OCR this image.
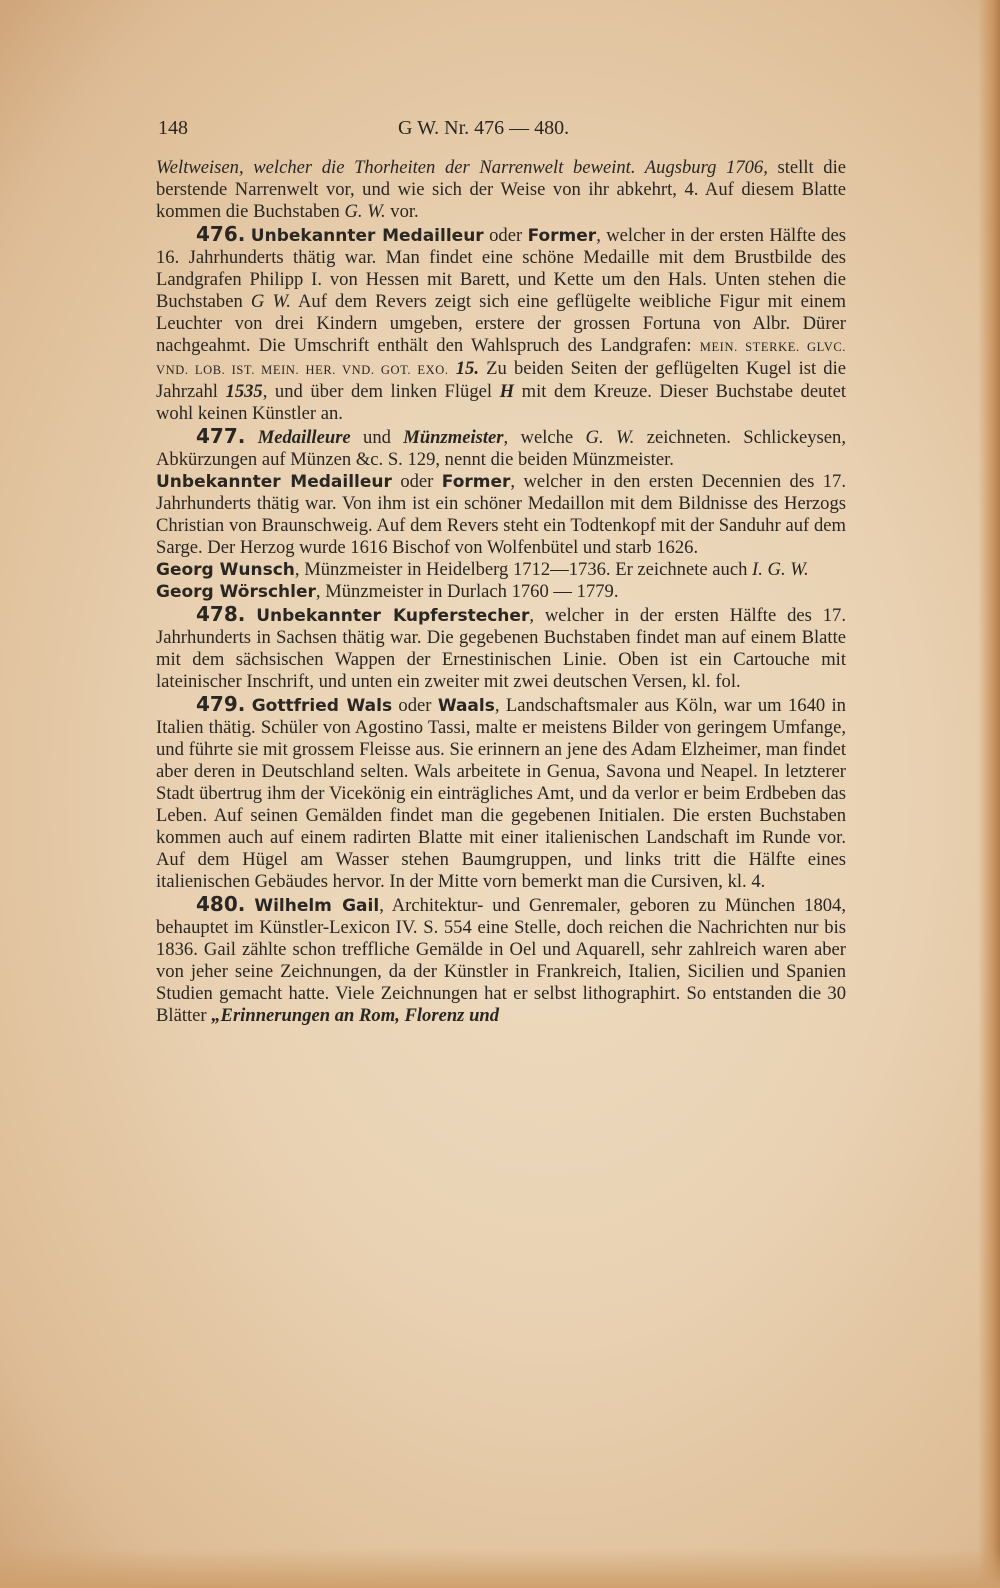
148	G W. Nr. 476 — 480.

Weltweisen, welcher die Thorheiten der Narrenwelt beweint. Augsburg 1706, stellt die berstende Narrenwelt vor, und wie sich der Weise von ihr abkehrt, 4. Auf diesem Blatte kommen die Buchstaben G. W. vor.

476. Unbekannter Medailleur oder Former, welcher in der ersten Hälfte des 16. Jahrhunderts thätig war. Man findet eine schöne Medaille mit dem Brustbilde des Landgrafen Philipp I. von Hessen mit Barett, und Kette um den Hals. Unten stehen die Buchstaben G W. Auf dem Revers zeigt sich eine geflügelte weibliche Figur mit einem Leuchter von drei Kindern umgeben, erstere der grossen Fortuna von Albr. Dürer nachgeahmt. Die Umschrift enthält den Wahlspruch des Landgrafen: MEIN. STERKE. GLVC. VND. LOB. IST. MEIN. HER. VND. GOT. EXO. 15. Zu beiden Seiten der geflügelten Kugel ist die Jahrzahl 1535, und über dem linken Flügel H mit dem Kreuze. Dieser Buchstabe deutet wohl keinen Künstler an.

477. Medailleure und Münzmeister, welche G. W. zeichneten. Schlickeysen, Abkürzungen auf Münzen &c. S. 129, nennt die beiden Münzmeister.

Unbekannter Medailleur oder Former, welcher in den ersten Decennien des 17. Jahrhunderts thätig war. Von ihm ist ein schöner Medaillon mit dem Bildnisse des Herzogs Christian von Braunschweig. Auf dem Revers steht ein Todtenkopf mit der Sanduhr auf dem Sarge. Der Herzog wurde 1616 Bischof von Wolfenbütel und starb 1626.

Georg Wunsch, Münzmeister in Heidelberg 1712—1736. Er zeichnete auch I. G. W.

Georg Wörschler, Münzmeister in Durlach 1760 — 1779.

478. Unbekannter Kupferstecher, welcher in der ersten Hälfte des 17. Jahrhunderts in Sachsen thätig war. Die gegebenen Buchstaben findet man auf einem Blatte mit dem sächsischen Wappen der Ernestinischen Linie. Oben ist ein Cartouche mit lateinischer Inschrift, und unten ein zweiter mit zwei deutschen Versen, kl. fol.

479. Gottfried Wals oder Waals, Landschaftsmaler aus Köln, war um 1640 in Italien thätig. Schüler von Agostino Tassi, malte er meistens Bilder von geringem Umfange, und führte sie mit grossem Fleisse aus. Sie erinnern an jene des Adam Elzheimer, man findet aber deren in Deutschland selten. Wals arbeitete in Genua, Savona und Neapel. In letzterer Stadt übertrug ihm der Vicekönig ein einträgliches Amt, und da verlor er beim Erdbeben das Leben. Auf seinen Gemälden findet man die gegebenen Initialen. Die ersten Buchstaben kommen auch auf einem radirten Blatte mit einer italienischen Landschaft im Runde vor. Auf dem Hügel am Wasser stehen Baumgruppen, und links tritt die Hälfte eines italienischen Gebäudes hervor. In der Mitte vorn bemerkt man die Cursiven, kl. 4.

480. Wilhelm Gail, Architektur- und Genremaler, geboren zu München 1804, behauptet im Künstler-Lexicon IV. S. 554 eine Stelle, doch reichen die Nachrichten nur bis 1836. Gail zählte schon treffliche Gemälde in Oel und Aquarell, sehr zahlreich waren aber von jeher seine Zeichnungen, da der Künstler in Frankreich, Italien, Sicilien und Spanien Studien gemacht hatte. Viele Zeichnungen hat er selbst lithographirt. So entstanden die 30 Blätter „Erinnerungen an Rom, Florenz und
